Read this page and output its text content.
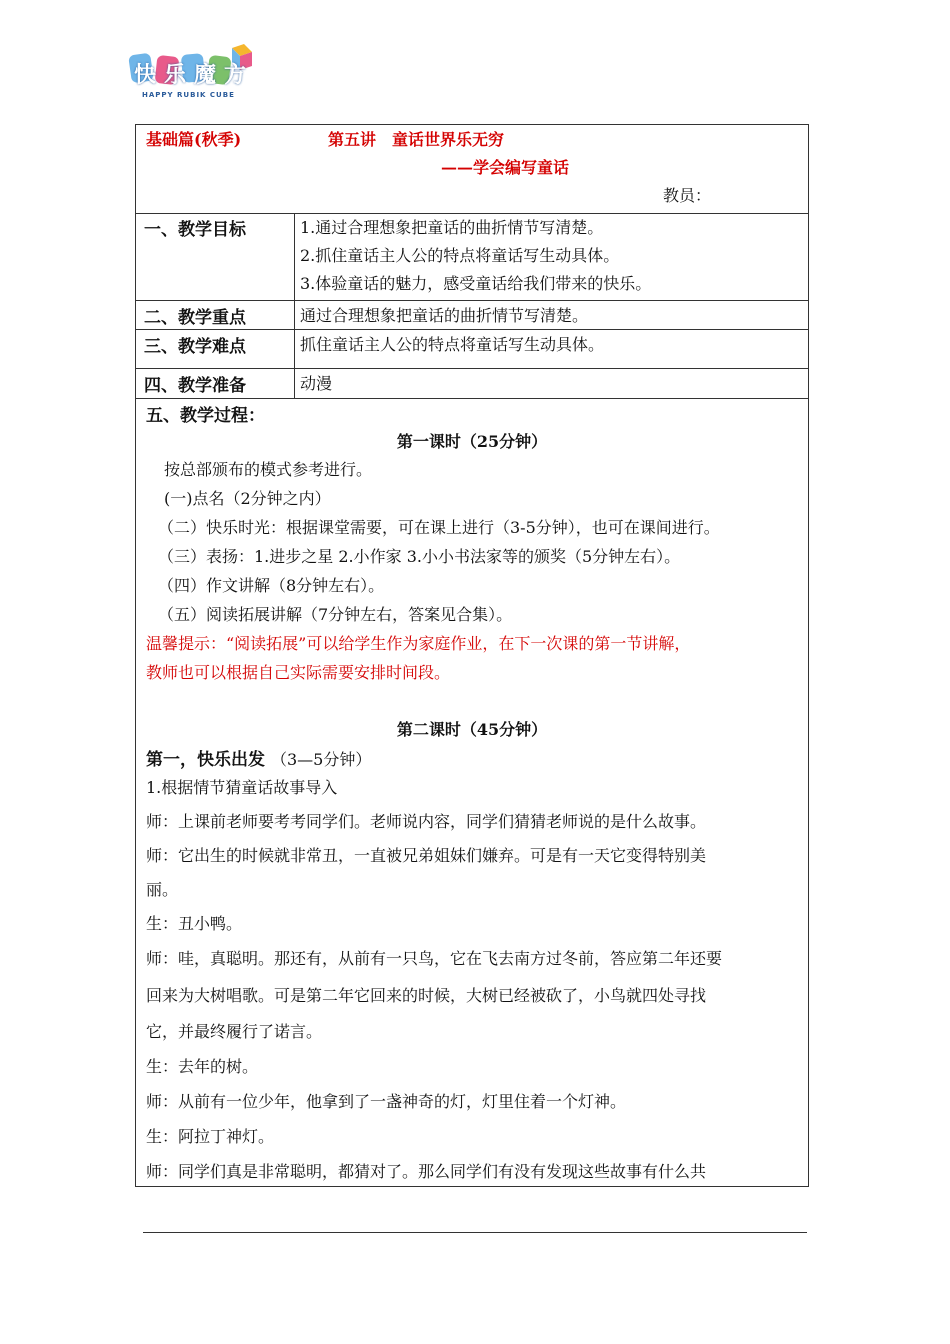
快乐魔方
HAPPY RUBIK CUBE
基础篇(秋季)	第五讲　童话世界乐无穷
——学会编写童话
教员：
一、教学目标	1.通过合理想象把童话的曲折情节写清楚。
2.抓住童话主人公的特点将童话写生动具体。
3.体验童话的魅力，感受童话给我们带来的快乐。
二、教学重点	通过合理想象把童话的曲折情节写清楚。
三、教学难点	抓住童话主人公的特点将童话写生动具体。
四、教学准备	动漫
五、教学过程：
第一课时（25分钟）
按总部颁布的模式参考进行。
(一)点名（2分钟之内）
（二）快乐时光：根据课堂需要，可在课上进行（3-5分钟），也可在课间进行。
（三）表扬：1.进步之星 2.小作家 3.小小书法家等的颁奖（5分钟左右）。
（四）作文讲解（8分钟左右）。
（五）阅读拓展讲解（7分钟左右，答案见合集）。
温馨提示：“阅读拓展”可以给学生作为家庭作业，在下一次课的第一节讲解，
教师也可以根据自己实际需要安排时间段。
第二课时（45分钟）
第一，快乐出发 （3—5分钟）
1.根据情节猜童话故事导入
师：上课前老师要考考同学们。老师说内容，同学们猜猜老师说的是什么故事。
师：它出生的时候就非常丑，一直被兄弟姐妹们嫌弃。可是有一天它变得特别美
丽。
生：丑小鸭。
师：哇，真聪明。那还有，从前有一只鸟，它在飞去南方过冬前，答应第二年还要
回来为大树唱歌。可是第二年它回来的时候，大树已经被砍了，小鸟就四处寻找
它，并最终履行了诺言。
生：去年的树。
师：从前有一位少年，他拿到了一盏神奇的灯，灯里住着一个灯神。
生：阿拉丁神灯。
师：同学们真是非常聪明，都猜对了。那么同学们有没有发现这些故事有什么共
